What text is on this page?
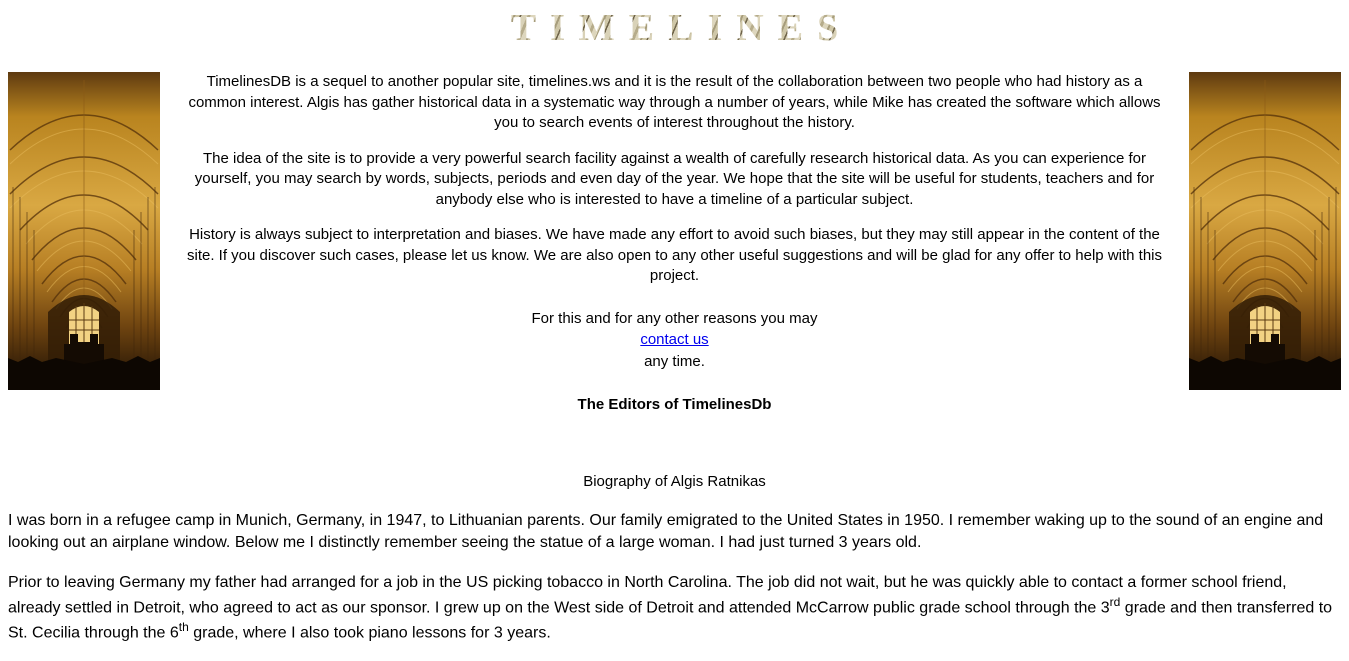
TIMELINES

TimelinesDB is a sequel to another popular site, timelines.ws and it is the result of the collaboration between two people who had history as a common interest. Algis has gather historical data in a systematic way through a number of years, while Mike has created the software which allows you to search events of interest throughout the history.

The idea of the site is to provide a very powerful search facility against a wealth of carefully research historical data. As you can experience for yourself, you may search by words, subjects, periods and even day of the year. We hope that the site will be useful for students, teachers and for anybody else who is interested to have a timeline of a particular subject.

History is always subject to interpretation and biases. We have made any effort to avoid such biases, but they may still appear in the content of the site. If you discover such cases, please let us know. We are also open to any other useful suggestions and will be glad for any offer to help with this project.

For this and for any other reasons you may
contact us
any time.
The Editors of TimelinesDb
Biography of Algis Ratnikas

I was born in a refugee camp in Munich, Germany, in 1947, to Lithuanian parents. Our family emigrated to the United States in 1950. I remember waking up to the sound of an engine and looking out an airplane window. Below me I distinctly remember seeing the statue of a large woman. I had just turned 3 years old.

Prior to leaving Germany my father had arranged for a job in the US picking tobacco in North Carolina. The job did not wait, but he was quickly able to contact a former school friend, already settled in Detroit, who agreed to act as our sponsor. I grew up on the West side of Detroit and attended McCarrow public grade school through the 3rd grade and then transferred to St. Cecilia through the 6th grade, where I also took piano lessons for 3 years.
